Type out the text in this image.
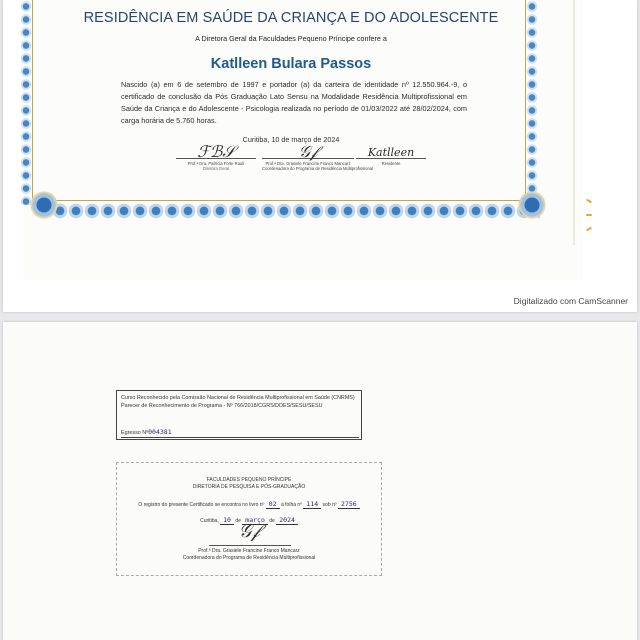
RESIDÊNCIA EM SAÚDE DA CRIANÇA E DO ADOLESCENTE
A Diretora Geral da Faculdades Pequeno Príncipe confere a
Katlleen Bulara Passos
Nascido (a) em 6 de setembro de 1997 e portador (a) da carteira de identidade nº 12.550.964.-9, o certificado de conclusão da Pós Graduação Lato Sensu na Modalidade Residência Multiprofissional em Saúde da Criança e do Adolescente - Psicologia realizada no período de 01/03/2022 até 28/02/2024, com carga horária de 5.760 horas.
Curitiba, 10 de março de 2024
ℱℬ𝒮
Prof.ª Dra. Patrícia Forte Rauli
Diretora Geral
𝒢𝒻
Prof.ª Dra. Grasiele Francine Franco Mancarz
Coordenadora do Programa de Residência Multiprofissional
Katlleen
Residente
Digitalizado com CamScanner
Curso Reconhecido pela Comissão Nacional de Residência Multiprofissional em Saúde (CNRMS)
Parecer de Reconhecimento de Programa - Nº 766/2018/CGRS/DDES/SESU/SESU
Egresso Nº004381
FACULDADES PEQUENO PRÍNCIPE
DIRETORIA DE PESQUISA E PÓS-GRADUAÇÃO
O registro do presente Certificado se encontra no livro nº 02 à folha nº 114 sob nº 2756
Curitiba, 10 de março de 2024
𝒢𝒻
Prof.ª Dra. Grasiele Francine Franco Mancarz
Coordenadora do Programa de Residência Multiprofissional
